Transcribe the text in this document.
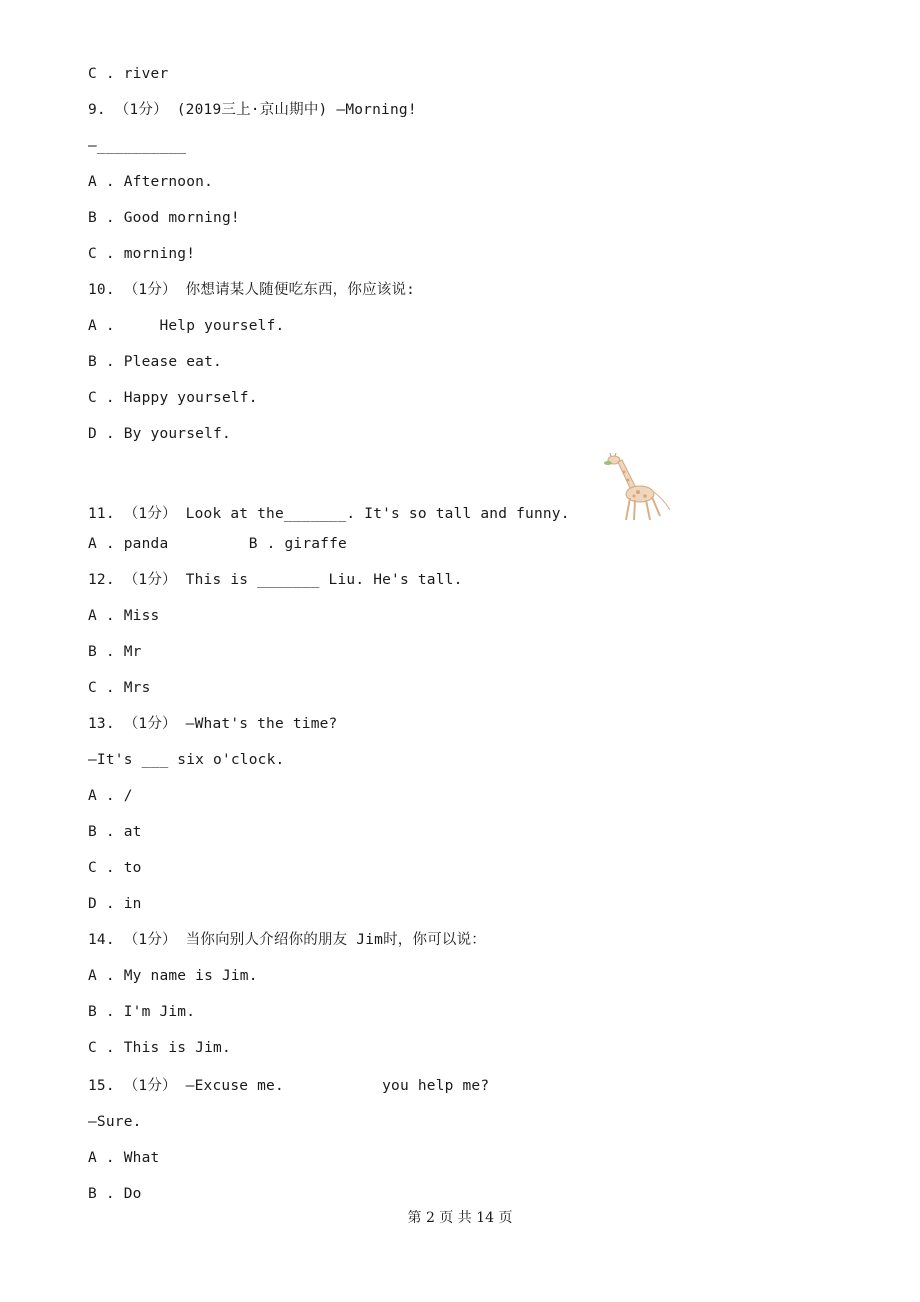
C . river
9. （1分） (2019三上·京山期中) —Morning!
—__________
A . Afternoon.
B . Good morning!
C . morning!
10. （1分） 你想请某人随便吃东西，你应该说:
A .     Help yourself.
B . Please eat.
C . Happy yourself.
D . By yourself.
11. （1分） Look at the_______. It's so tall and funny.
A . panda         B . giraffe
12. （1分） This is _______ Liu. He's tall.
A . Miss
B . Mr
C . Mrs
13. （1分） —What's the time?
—It's ___ six o'clock.
A . /
B . at
C . to
D . in
14. （1分） 当你向别人介绍你的朋友 Jim时，你可以说：
A . My name is Jim.
B . I'm Jim.
C . This is Jim.
15. （1分） —Excuse me.           you help me?
—Sure.
A . What
B . Do
第 2 页 共 14 页
